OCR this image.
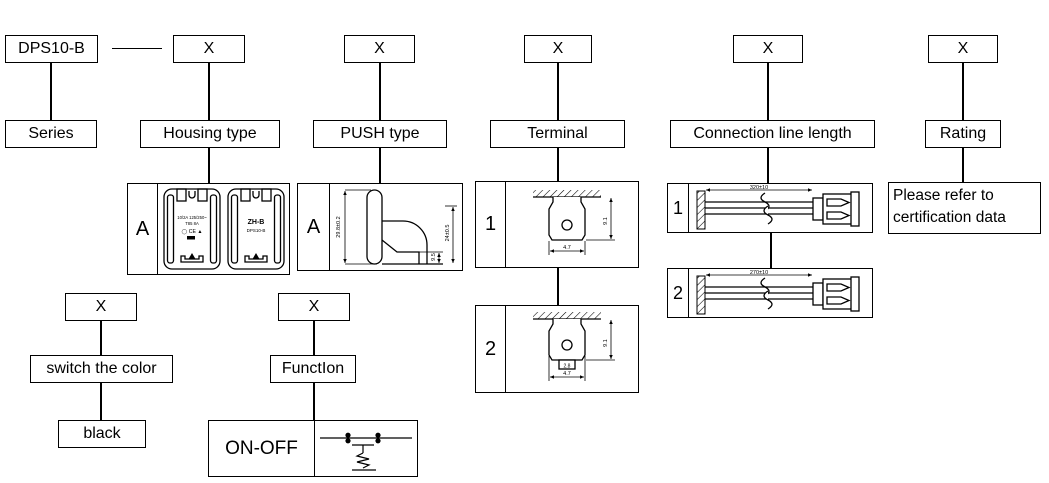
DPS10-B	X	X	X	X	X
Series	Housing type	PUSH type	Terminal	Connection line length	Rating
A	10/2A 125/250~
T85 8A
◯ CE ▲
ZH-B
DPS10-B A	29.8±0.2	24±0.5
9.5
1	9.1
4.7
2	9.1
2.8
4.7
1
320±10
2
270±10
Please refer to
certification data
X
switch the color
black
X
FunctIon
ON-OFF
